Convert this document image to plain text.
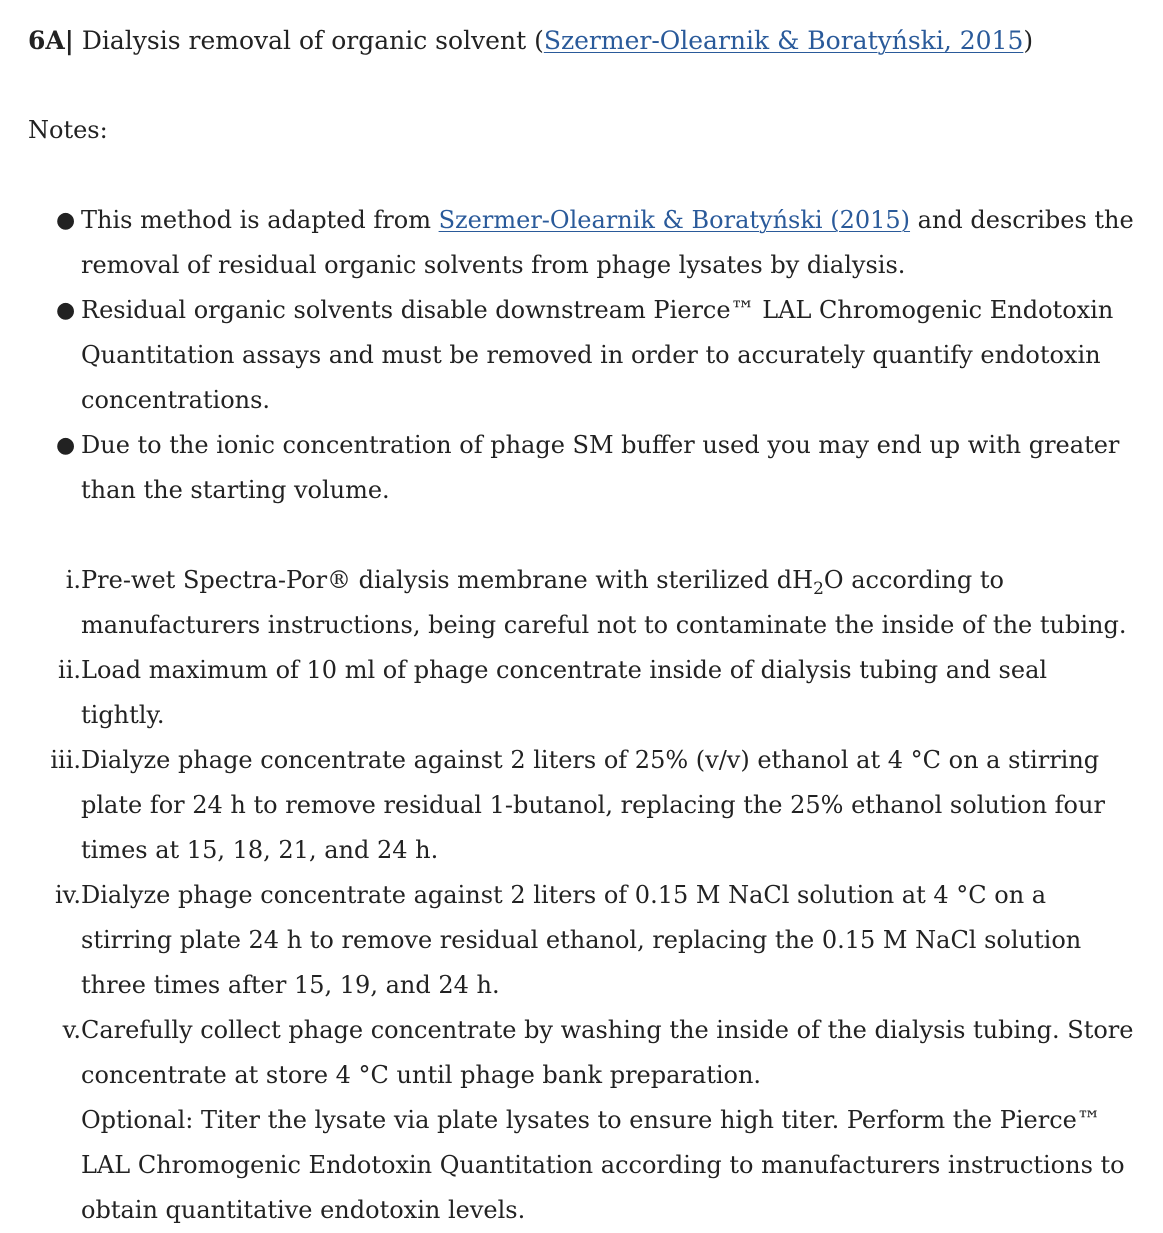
6A| Dialysis removal of organic solvent (Szermer-Olearnik & Boratyński, 2015)

Notes:

● This method is adapted from Szermer-Olearnik & Boratyński (2015) and describes the removal of residual organic solvents from phage lysates by dialysis.
● Residual organic solvents disable downstream Pierce™ LAL Chromogenic Endotoxin Quantitation assays and must be removed in order to accurately quantify endotoxin concentrations.
● Due to the ionic concentration of phage SM buffer used you may end up with greater than the starting volume.
i. Pre-wet Spectra-Por® dialysis membrane with sterilized $dH_2O$ according to manufacturers instructions, being careful not to contaminate the inside of the tubing.
ii. Load maximum of 10 ml of phage concentrate inside of dialysis tubing and seal tightly.
iii. Dialyze phage concentrate against 2 liters of 25% (v/v) ethanol at 4 °C on a stirring plate for 24 h to remove residual 1-butanol, replacing the 25% ethanol solution four times at 15, 18, 21, and 24 h.
iv. Dialyze phage concentrate against 2 liters of 0.15 M NaCl solution at 4 °C on a stirring plate 24 h to remove residual ethanol, replacing the 0.15 M NaCl solution three times after 15, 19, and 24 h.
v. Carefully collect phage concentrate by washing the inside of the dialysis tubing. Store concentrate at store 4 °C until phage bank preparation.
Optional: Titer the lysate via plate lysates to ensure high titer. Perform the Pierce™ LAL Chromogenic Endotoxin Quantitation according to manufacturers instructions to obtain quantitative endotoxin levels.
